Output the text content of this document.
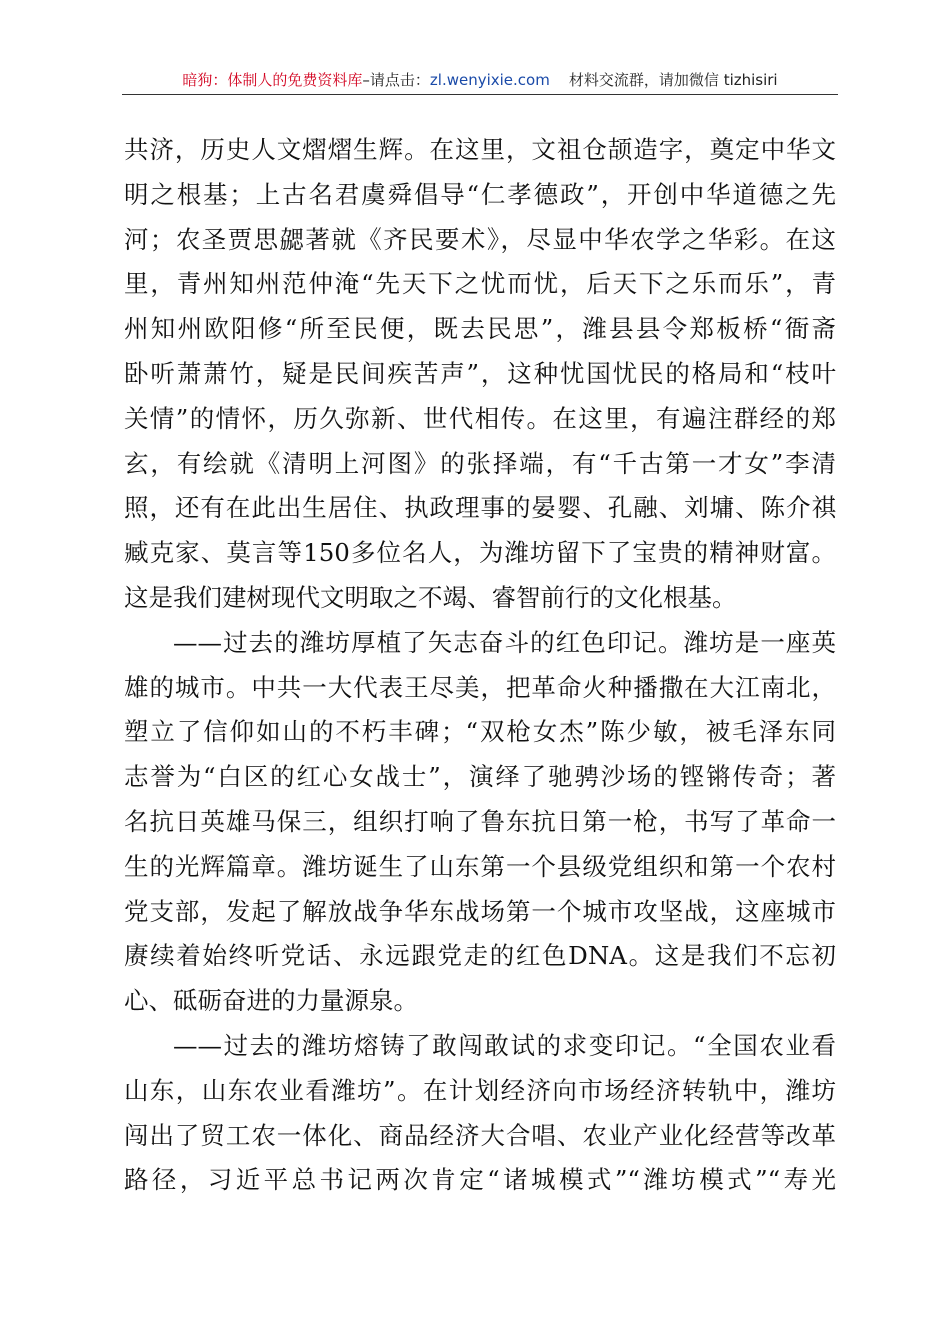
暗狗：体制人的免费资料库–请点击：zl.wenyixie.com 材料交流群，请加微信 tizhisiri
共济，历史人文熠熠生辉。在这里，文祖仓颉造字，奠定中华文
明之根基；上古名君虞舜倡导“仁孝德政”，开创中华道德之先
河；农圣贾思勰著就《齐民要术》，尽显中华农学之华彩。在这
里，青州知州范仲淹“先天下之忧而忧，后天下之乐而乐”，青
州知州欧阳修“所至民便，既去民思”，潍县县令郑板桥“衙斋
卧听萧萧竹，疑是民间疾苦声”，这种忧国忧民的格局和“枝叶
关情”的情怀，历久弥新、世代相传。在这里，有遍注群经的郑
玄，有绘就《清明上河图》的张择端，有“千古第一才女”李清
照，还有在此出生居住、执政理事的晏婴、孔融、刘墉、陈介祺
臧克家、莫言等150多位名人，为潍坊留下了宝贵的精神财富。
这是我们建树现代文明取之不竭、睿智前行的文化根基。
——过去的潍坊厚植了矢志奋斗的红色印记。潍坊是一座英
雄的城市。中共一大代表王尽美，把革命火种播撒在大江南北，
塑立了信仰如山的不朽丰碑；“双枪女杰”陈少敏，被毛泽东同
志誉为“白区的红心女战士”，演绎了驰骋沙场的铿锵传奇；著
名抗日英雄马保三，组织打响了鲁东抗日第一枪，书写了革命一
生的光辉篇章。潍坊诞生了山东第一个县级党组织和第一个农村
党支部，发起了解放战争华东战场第一个城市攻坚战，这座城市
赓续着始终听党话、永远跟党走的红色DNA。这是我们不忘初
心、砥砺奋进的力量源泉。
——过去的潍坊熔铸了敢闯敢试的求变印记。“全国农业看
山东，山东农业看潍坊”。在计划经济向市场经济转轨中，潍坊
闯出了贸工农一体化、商品经济大合唱、农业产业化经营等改革
路径，习近平总书记两次肯定“诸城模式”“潍坊模式”“寿光
